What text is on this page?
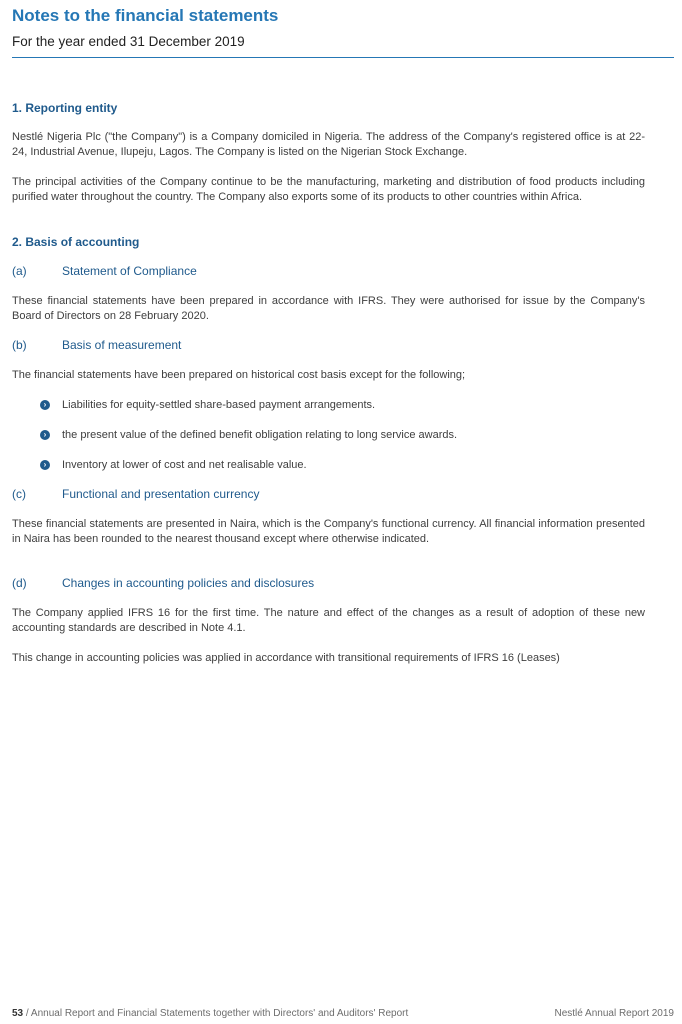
Notes to the financial statements
For the year ended 31 December 2019
1. Reporting entity

Nestlé Nigeria Plc ("the Company") is a Company domiciled in Nigeria. The address of the Company's registered office is at 22-24, Industrial Avenue, Ilupeju, Lagos. The Company is listed on the Nigerian Stock Exchange.

The principal activities of the Company continue to be the manufacturing, marketing and distribution of food products including purified water throughout the country. The Company also exports some of its products to other countries within Africa.

2. Basis of accounting
(a)	Statement of Compliance

These financial statements have been prepared in accordance with IFRS. They were authorised for issue by the Company's Board of Directors on 28 February 2020.

(b)	Basis of measurement

The financial statements have been prepared on historical cost basis except for the following;

›	Liabilities for equity-settled share-based payment arrangements.
›	the present value of the defined benefit obligation relating to long service awards.
›	Inventory at lower of cost and net realisable value.
(c)	Functional and presentation currency

These financial statements are presented in Naira, which is the Company's functional currency. All financial information presented in Naira has been rounded to the nearest thousand except where otherwise indicated.

(d)	Changes in accounting policies and disclosures

The Company applied IFRS 16 for the first time. The nature and effect of the changes as a result of adoption of these new accounting standards are described in Note 4.1.

This change in accounting policies was applied in accordance with transitional requirements of IFRS 16 (Leases)

53 / Annual Report and Financial Statements together with Directors' and Auditors' Report	Nestlé Annual Report 2019
